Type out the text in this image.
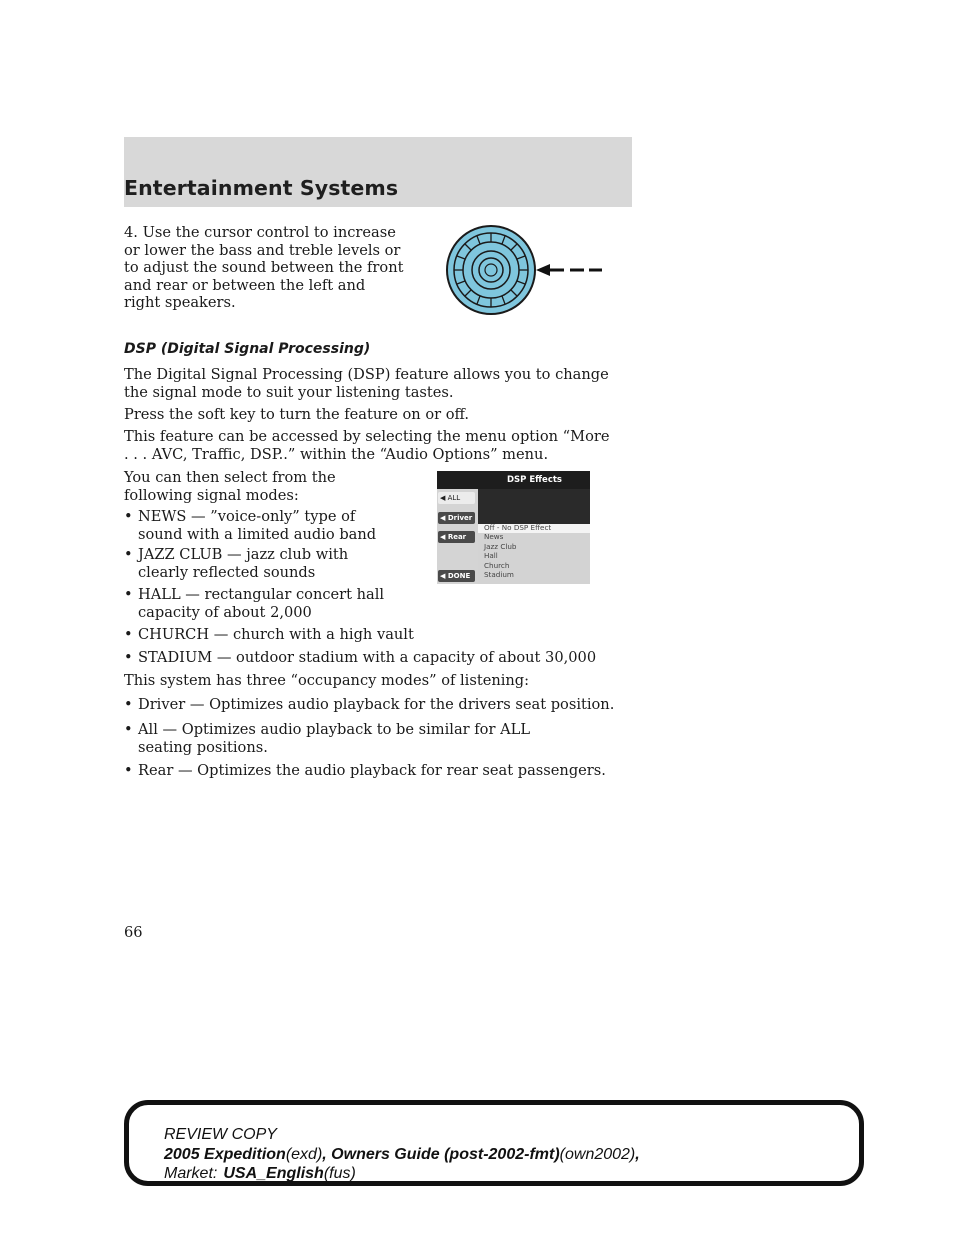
Entertainment Systems

4. Use the cursor control to increase or lower the bass and treble levels or to adjust the sound between the front and rear or between the left and right speakers.

DSP (Digital Signal Processing)

The Digital Signal Processing (DSP) feature allows you to change the signal mode to suit your listening tastes.

Press the soft key to turn the feature on or off.

This feature can be accessed by selecting the menu option “More . . . AVC, Traffic, DSP..” within the “Audio Options” menu.

You can then select from the following signal modes:

• NEWS — ”voice-only” type of sound with a limited audio band
• JAZZ CLUB — jazz club with clearly reflected sounds
• HALL — rectangular concert hall capacity of about 2,000
• CHURCH — church with a high vault
• STADIUM — outdoor stadium with a capacity of about 30,000

This system has three “occupancy modes” of listening:

• Driver — Optimizes audio playback for the drivers seat position.
• All — Optimizes audio playback to be similar for ALL seating positions.
• Rear — Optimizes the audio playback for rear seat passengers.
DSP Effects
◀ ALL
◀ Driver
◀ Rear
◀ DONE
Off - No DSP Effect
News
Jazz Club
Hall
Church
Stadium
66
REVIEW COPY
2005 Expedition(exd), Owners Guide (post-2002-fmt)(own2002),
Market: USA_English(fus)
